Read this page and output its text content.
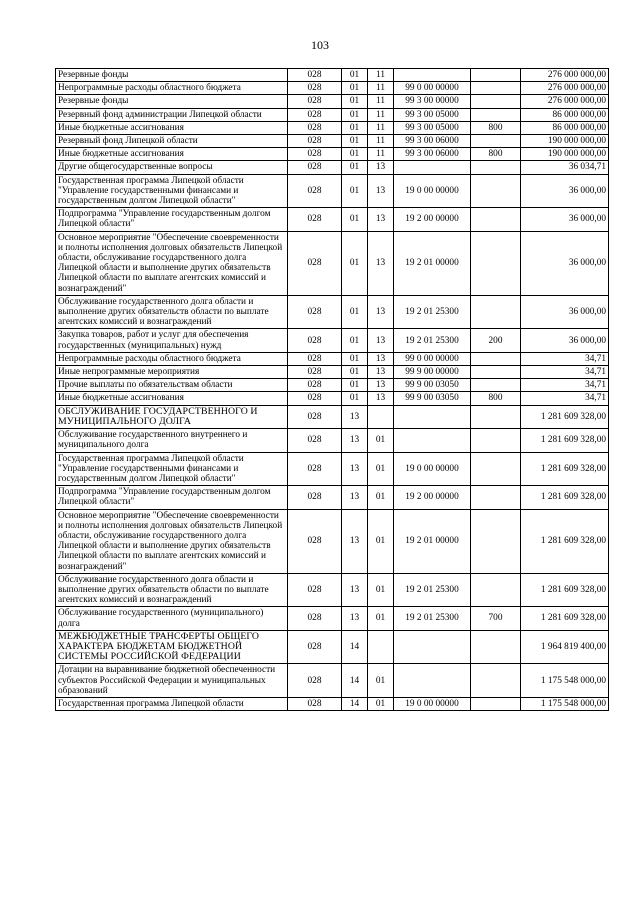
103
Резервные фонды	028	01	11			276 000 000,00
Непрограммные расходы областного бюджета	028	01	11	99 0 00 00000		276 000 000,00
Резервные фонды	028	01	11	99 3 00 00000		276 000 000,00
Резервный фонд администрации Липецкой области	028	01	11	99 3 00 05000		86 000 000,00
Иные бюджетные ассигнования	028	01	11	99 3 00 05000	800	86 000 000,00
Резервный фонд Липецкой области	028	01	11	99 3 00 06000		190 000 000,00
Иные бюджетные ассигнования	028	01	11	99 3 00 06000	800	190 000 000,00
Другие общегосударственные вопросы	028	01	13			36 034,71
Государственная программа Липецкой области "Управление государственными финансами и государственным долгом Липецкой области"	028	01	13	19 0 00 00000		36 000,00
Подпрограмма "Управление государственным долгом Липецкой области"	028	01	13	19 2 00 00000		36 000,00
Основное мероприятие "Обеспечение своевременности и полноты исполнения долговых обязательств Липецкой области, обслуживание государственного долга Липецкой области и выполнение других обязательств Липецкой области по выплате агентских комиссий и вознаграждений"	028	01	13	19 2 01 00000		36 000,00
Обслуживание государственного долга области и выполнение других обязательств области по выплате агентских комиссий и вознаграждений	028	01	13	19 2 01 25300		36 000,00
Закупка товаров, работ и услуг для обеспечения государственных (муниципальных) нужд	028	01	13	19 2 01 25300	200	36 000,00
Непрограммные расходы областного бюджета	028	01	13	99 0 00 00000		34,71
Иные непрограммные мероприятия	028	01	13	99 9 00 00000		34,71
Прочие выплаты по обязательствам области	028	01	13	99 9 00 03050		34,71
Иные бюджетные ассигнования	028	01	13	99 9 00 03050	800	34,71
ОБСЛУЖИВАНИЕ ГОСУДАРСТВЕННОГО И МУНИЦИПАЛЬНОГО ДОЛГА	028	13				1 281 609 328,00
Обслуживание государственного внутреннего и муниципального долга	028	13	01			1 281 609 328,00
Государственная программа Липецкой области "Управление государственными финансами и государственным долгом Липецкой области"	028	13	01	19 0 00 00000		1 281 609 328,00
Подпрограмма "Управление государственным долгом Липецкой области"	028	13	01	19 2 00 00000		1 281 609 328,00
Основное мероприятие "Обеспечение своевременности и полноты исполнения долговых обязательств Липецкой области, обслуживание государственного долга Липецкой области и выполнение других обязательств Липецкой области по выплате агентских комиссий и вознаграждений"	028	13	01	19 2 01 00000		1 281 609 328,00
Обслуживание государственного долга области и выполнение других обязательств области по выплате агентских комиссий и вознаграждений	028	13	01	19 2 01 25300		1 281 609 328,00
Обслуживание государственного (муниципального) долга	028	13	01	19 2 01 25300	700	1 281 609 328,00
МЕЖБЮДЖЕТНЫЕ ТРАНСФЕРТЫ ОБЩЕГО ХАРАКТЕРА БЮДЖЕТАМ БЮДЖЕТНОЙ СИСТЕМЫ РОССИЙСКОЙ ФЕДЕРАЦИИ	028	14				1 964 819 400,00
Дотации на выравнивание бюджетной обеспеченности субъектов Российской Федерации и муниципальных образований	028	14	01			1 175 548 000,00
Государственная программа Липецкой области	028	14	01	19 0 00 00000		1 175 548 000,00
